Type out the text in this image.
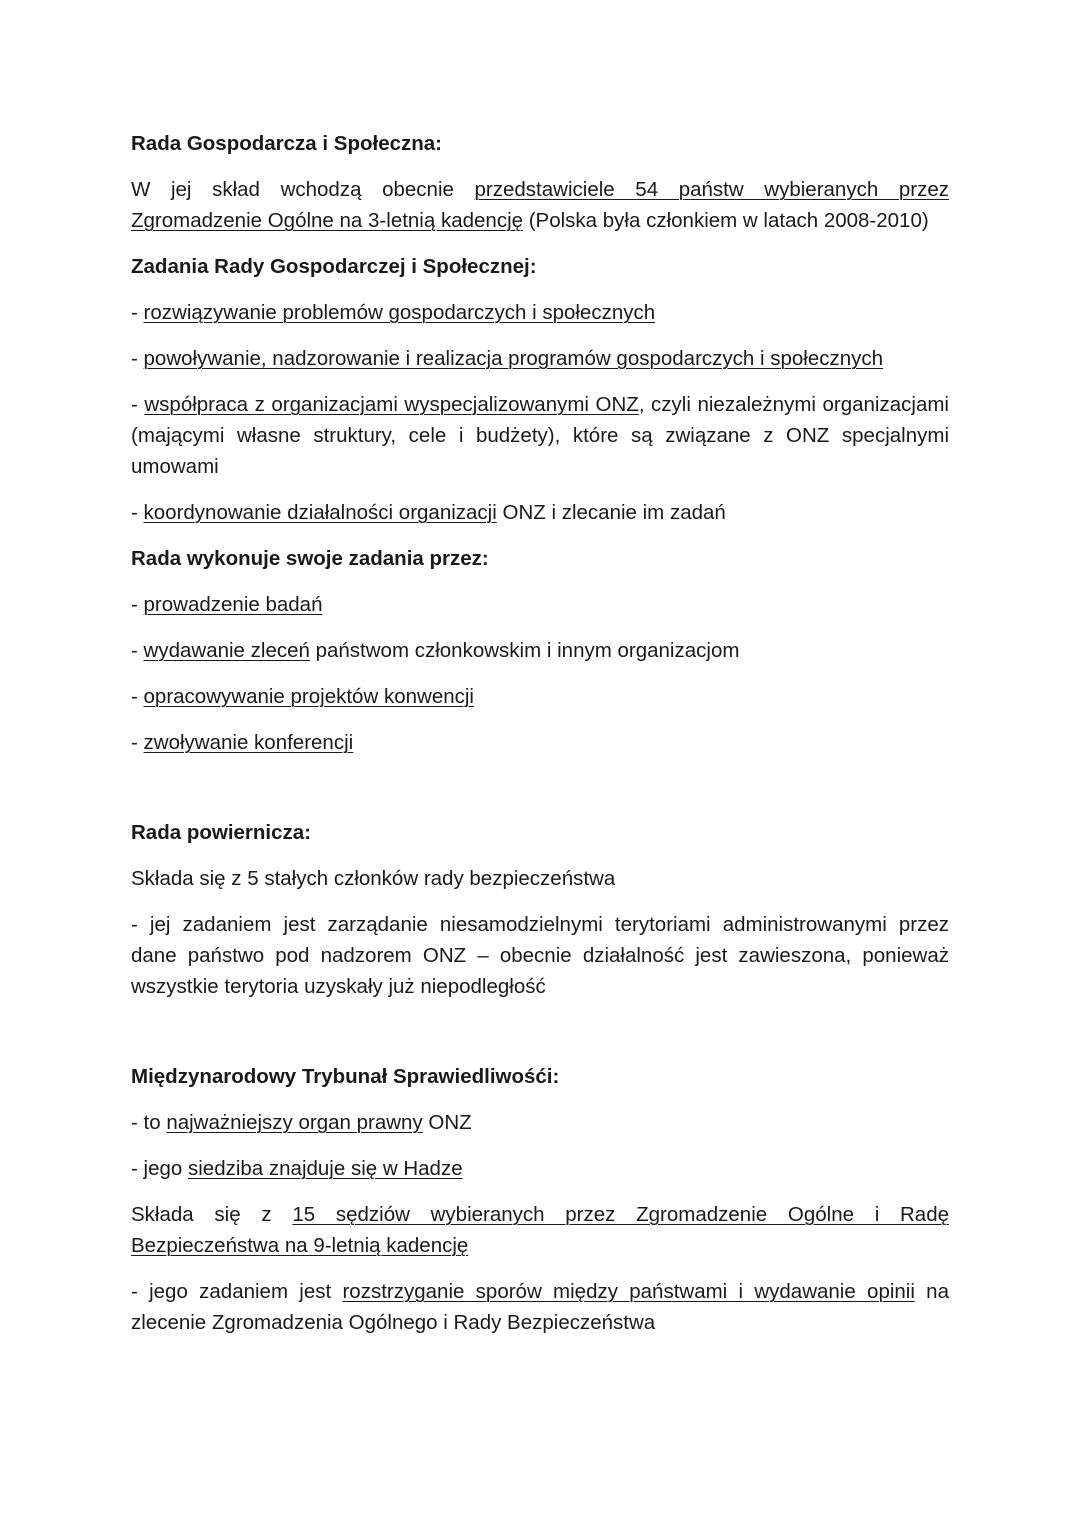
Rada Gospodarcza i Społeczna:

W jej skład wchodzą obecnie przedstawiciele 54 państw wybieranych przez Zgromadzenie Ogólne na 3-letnią kadencję (Polska była członkiem w latach 2008-2010)

Zadania Rady Gospodarczej i Społecznej:

- rozwiązywanie problemów gospodarczych i społecznych

- powoływanie, nadzorowanie i realizacja programów gospodarczych i społecznych

- współpraca z organizacjami wyspecjalizowanymi ONZ, czyli niezależnymi organizacjami (mającymi własne struktury, cele i budżety), które są związane z ONZ specjalnymi umowami

- koordynowanie działalności organizacji ONZ i zlecanie im zadań

Rada wykonuje swoje zadania przez:

- prowadzenie badań

- wydawanie zleceń państwom członkowskim i innym organizacjom

- opracowywanie projektów konwencji

- zwoływanie konferencji

Rada powiernicza:

Składa się z 5 stałych członków rady bezpieczeństwa

- jej zadaniem jest zarządanie niesamodzielnymi terytoriami administrowanymi przez dane państwo pod nadzorem ONZ – obecnie działalność jest zawieszona, ponieważ wszystkie terytoria uzyskały już niepodległość

Międzynarodowy Trybunał Sprawiedliwośći:

- to najważniejszy organ prawny ONZ

- jego siedziba znajduje się w Hadze

Składa się z 15 sędziów wybieranych przez Zgromadzenie Ogólne i Radę Bezpieczeństwa na 9-letnią kadencję

- jego zadaniem jest rozstrzyganie sporów między państwami i wydawanie opinii na zlecenie Zgromadzenia Ogólnego i Rady Bezpieczeństwa
